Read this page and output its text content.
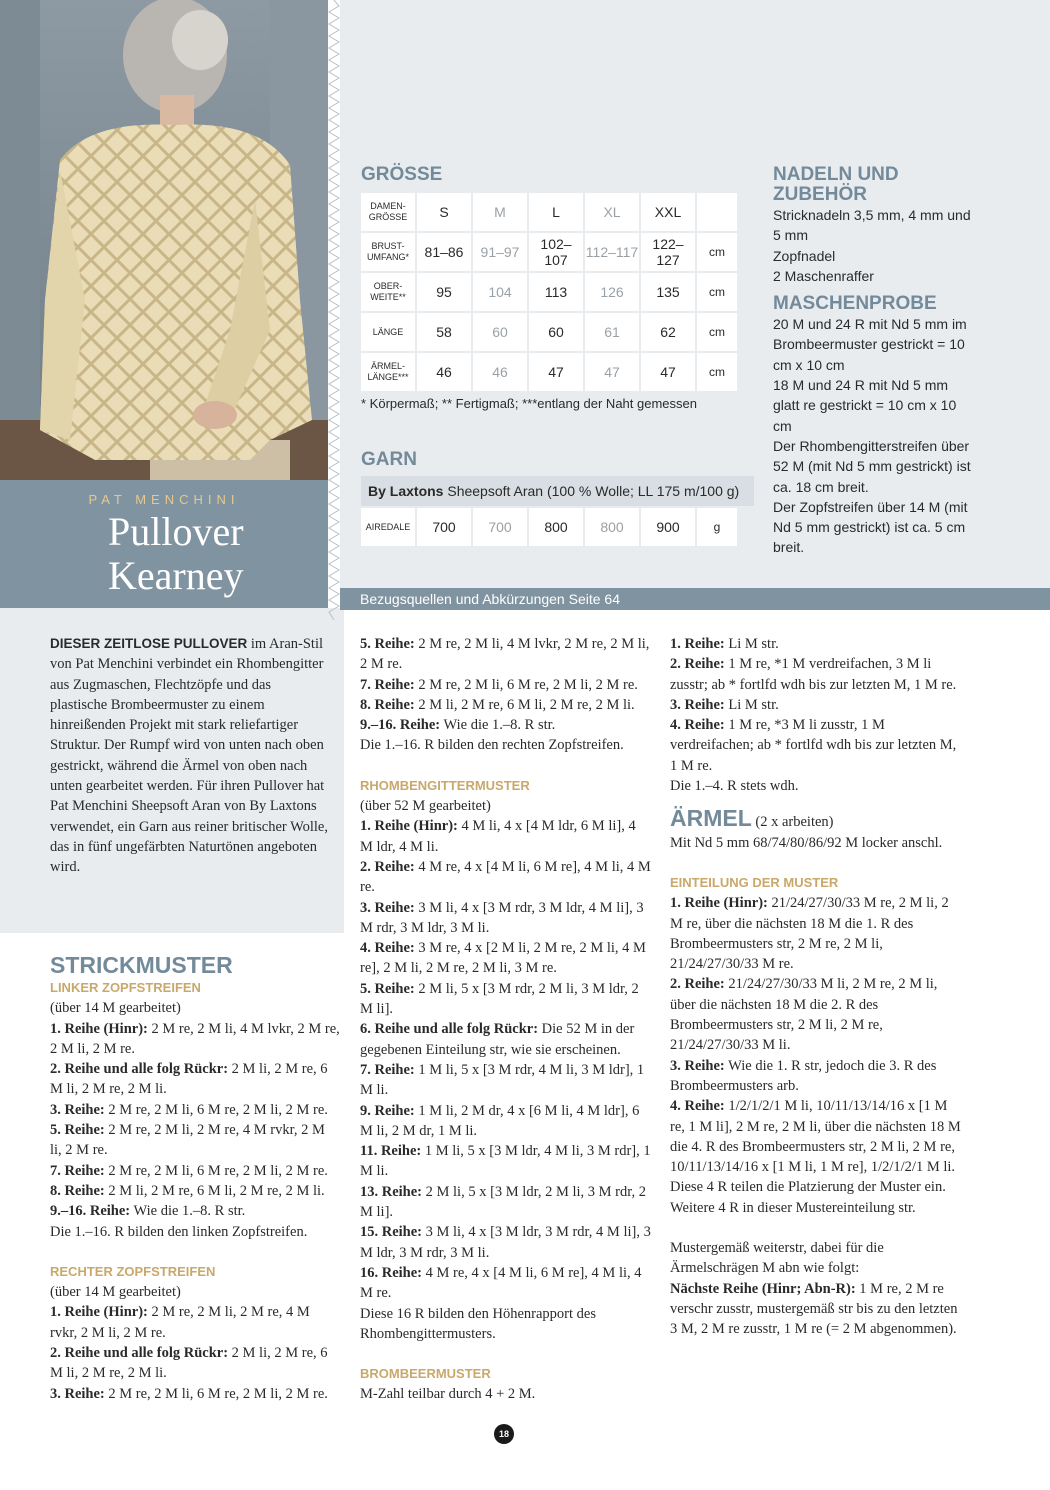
PAT MENCHINI
Pullover
Kearney
GRÖSSE
DAMEN-GRÖSSE	S	M	L	XL	XXL	
BRUST-UMFANG*	81–86	91–97	102–107	112–117	122–127	cm
OBER-WEITE**	95	104	113	126	135	cm
LÄNGE	58	60	60	61	62	cm
ÄRMEL-LÄNGE***	46	46	47	47	47	cm
* Körpermaß; ** Fertigmaß; ***entlang der Naht gemessen
GARN
By Laxtons Sheepsoft Aran (100 % Wolle; LL 175 m/100 g)
AIREDALE	700	700	800	800	900	g
Bezugsquellen und Abkürzungen Seite 64
NADELN UND ZUBEHÖR
Stricknadeln 3,5 mm, 4 mm und 5 mm
Zopfnadel
2 Maschenraffer
MASCHENPROBE
20 M und 24 R mit Nd 5 mm im Brombeermuster gestrickt = 10 cm x 10 cm
18 M und 24 R mit Nd 5 mm glatt re gestrickt = 10 cm x 10 cm
Der Rhombengitterstreifen über 52 M (mit Nd 5 mm gestrickt) ist ca. 18 cm breit.
Der Zopfstreifen über 14 M (mit Nd 5 mm gestrickt) ist ca. 5 cm breit.

DIESER ZEITLOSE PULLOVER im Aran-Stil von Pat Menchini verbindet ein Rhombengitter aus Zugmaschen, Flechtzöpfe und das plastische Brombeermuster zu einem hinreißenden Projekt mit stark reliefartiger Struktur. Der Rumpf wird von unten nach oben gestrickt, während die Ärmel von oben nach unten gearbeitet werden. Für ihren Pullover hat Pat Menchini Sheepsoft Aran von By Laxtons verwendet, ein Garn aus reiner britischer Wolle, das in fünf ungefärbten Naturtönen angeboten wird.

STRICKMUSTER
LINKER ZOPFSTREIFEN

(über 14 M gearbeitet)

1. Reihe (Hinr): 2 M re, 2 M li, 4 M lvkr, 2 M re, 2 M li, 2 M re.

2. Reihe und alle folg Rückr: 2 M li, 2 M re, 6 M li, 2 M re, 2 M li.

3. Reihe: 2 M re, 2 M li, 6 M re, 2 M li, 2 M re.

5. Reihe: 2 M re, 2 M li, 2 M re, 4 M rvkr, 2 M li, 2 M re.

7. Reihe: 2 M re, 2 M li, 6 M re, 2 M li, 2 M re.

8. Reihe: 2 M li, 2 M re, 6 M li, 2 M re, 2 M li.

9.–16. Reihe: Wie die 1.–8. R str.

Die 1.–16. R bilden den linken Zopfstreifen.

RECHTER ZOPFSTREIFEN

(über 14 M gearbeitet)

1. Reihe (Hinr): 2 M re, 2 M li, 2 M re, 4 M rvkr, 2 M li, 2 M re.

2. Reihe und alle folg Rückr: 2 M li, 2 M re, 6 M li, 2 M re, 2 M li.

3. Reihe: 2 M re, 2 M li, 6 M re, 2 M li, 2 M re.

5. Reihe: 2 M re, 2 M li, 4 M lvkr, 2 M re, 2 M li, 2 M re.

7. Reihe: 2 M re, 2 M li, 6 M re, 2 M li, 2 M re.

8. Reihe: 2 M li, 2 M re, 6 M li, 2 M re, 2 M li.

9.–16. Reihe: Wie die 1.–8. R str.

Die 1.–16. R bilden den rechten Zopfstreifen.

RHOMBENGITTERMUSTER

(über 52 M gearbeitet)

1. Reihe (Hinr): 4 M li, 4 x [4 M ldr, 6 M li], 4 M ldr, 4 M li.

2. Reihe: 4 M re, 4 x [4 M li, 6 M re], 4 M li, 4 M re.

3. Reihe: 3 M li, 4 x [3 M rdr, 3 M ldr, 4 M li], 3 M rdr, 3 M ldr, 3 M li.

4. Reihe: 3 M re, 4 x [2 M li, 2 M re, 2 M li, 4 M re], 2 M li, 2 M re, 2 M li, 3 M re.

5. Reihe: 2 M li, 5 x [3 M rdr, 2 M li, 3 M ldr, 2 M li].

6. Reihe und alle folg Rückr: Die 52 M in der gegebenen Einteilung str, wie sie erscheinen.

7. Reihe: 1 M li, 5 x [3 M rdr, 4 M li, 3 M ldr], 1 M li.

9. Reihe: 1 M li, 2 M dr, 4 x [6 M li, 4 M ldr], 6 M li, 2 M dr, 1 M li.

11. Reihe: 1 M li, 5 x [3 M ldr, 4 M li, 3 M rdr], 1 M li.

13. Reihe: 2 M li, 5 x [3 M ldr, 2 M li, 3 M rdr, 2 M li].

15. Reihe: 3 M li, 4 x [3 M ldr, 3 M rdr, 4 M li], 3 M ldr, 3 M rdr, 3 M li.

16. Reihe: 4 M re, 4 x [4 M li, 6 M re], 4 M li, 4 M re.

Diese 16 R bilden den Höhenrapport des Rhombengittermusters.

BROMBEERMUSTER

M-Zahl teilbar durch 4 + 2 M.

1. Reihe: Li M str.

2. Reihe: 1 M re, *1 M verdreifachen, 3 M li zusstr; ab * fortlfd wdh bis zur letzten M, 1 M re.

3. Reihe: Li M str.

4. Reihe: 1 M re, *3 M li zusstr, 1 M verdreifachen; ab * fortlfd wdh bis zur letzten M, 1 M re.

Die 1.–4. R stets wdh.

ÄRMEL (2 x arbeiten)

Mit Nd 5 mm 68/74/80/86/92 M locker anschl.

EINTEILUNG DER MUSTER

1. Reihe (Hinr): 21/24/27/30/33 M re, 2 M li, 2 M re, über die nächsten 18 M die 1. R des Brombeermusters str, 2 M re, 2 M li, 21/24/27/30/33 M re.

2. Reihe: 21/24/27/30/33 M li, 2 M re, 2 M li, über die nächsten 18 M die 2. R des Brombeermusters str, 2 M li, 2 M re, 21/24/27/30/33 M li.

3. Reihe: Wie die 1. R str, jedoch die 3. R des Brombeermusters arb.

4. Reihe: 1/2/1/2/1 M li, 10/11/13/14/16 x [1 M re, 1 M li], 2 M re, 2 M li, über die nächsten 18 M die 4. R des Brombeermusters str, 2 M li, 2 M re, 10/11/13/14/16 x [1 M li, 1 M re], 1/2/1/2/1 M li.

Diese 4 R teilen die Platzierung der Muster ein. Weitere 4 R in dieser Mustereinteilung str.

Mustergemäß weiterstr, dabei für die Ärmelschrägen M abn wie folgt:

Nächste Reihe (Hinr; Abn-R): 1 M re, 2 M re verschr zusstr, mustergemäß str bis zu den letzten 3 M, 2 M re zusstr, 1 M re (= 2 M abgenommen).

18
